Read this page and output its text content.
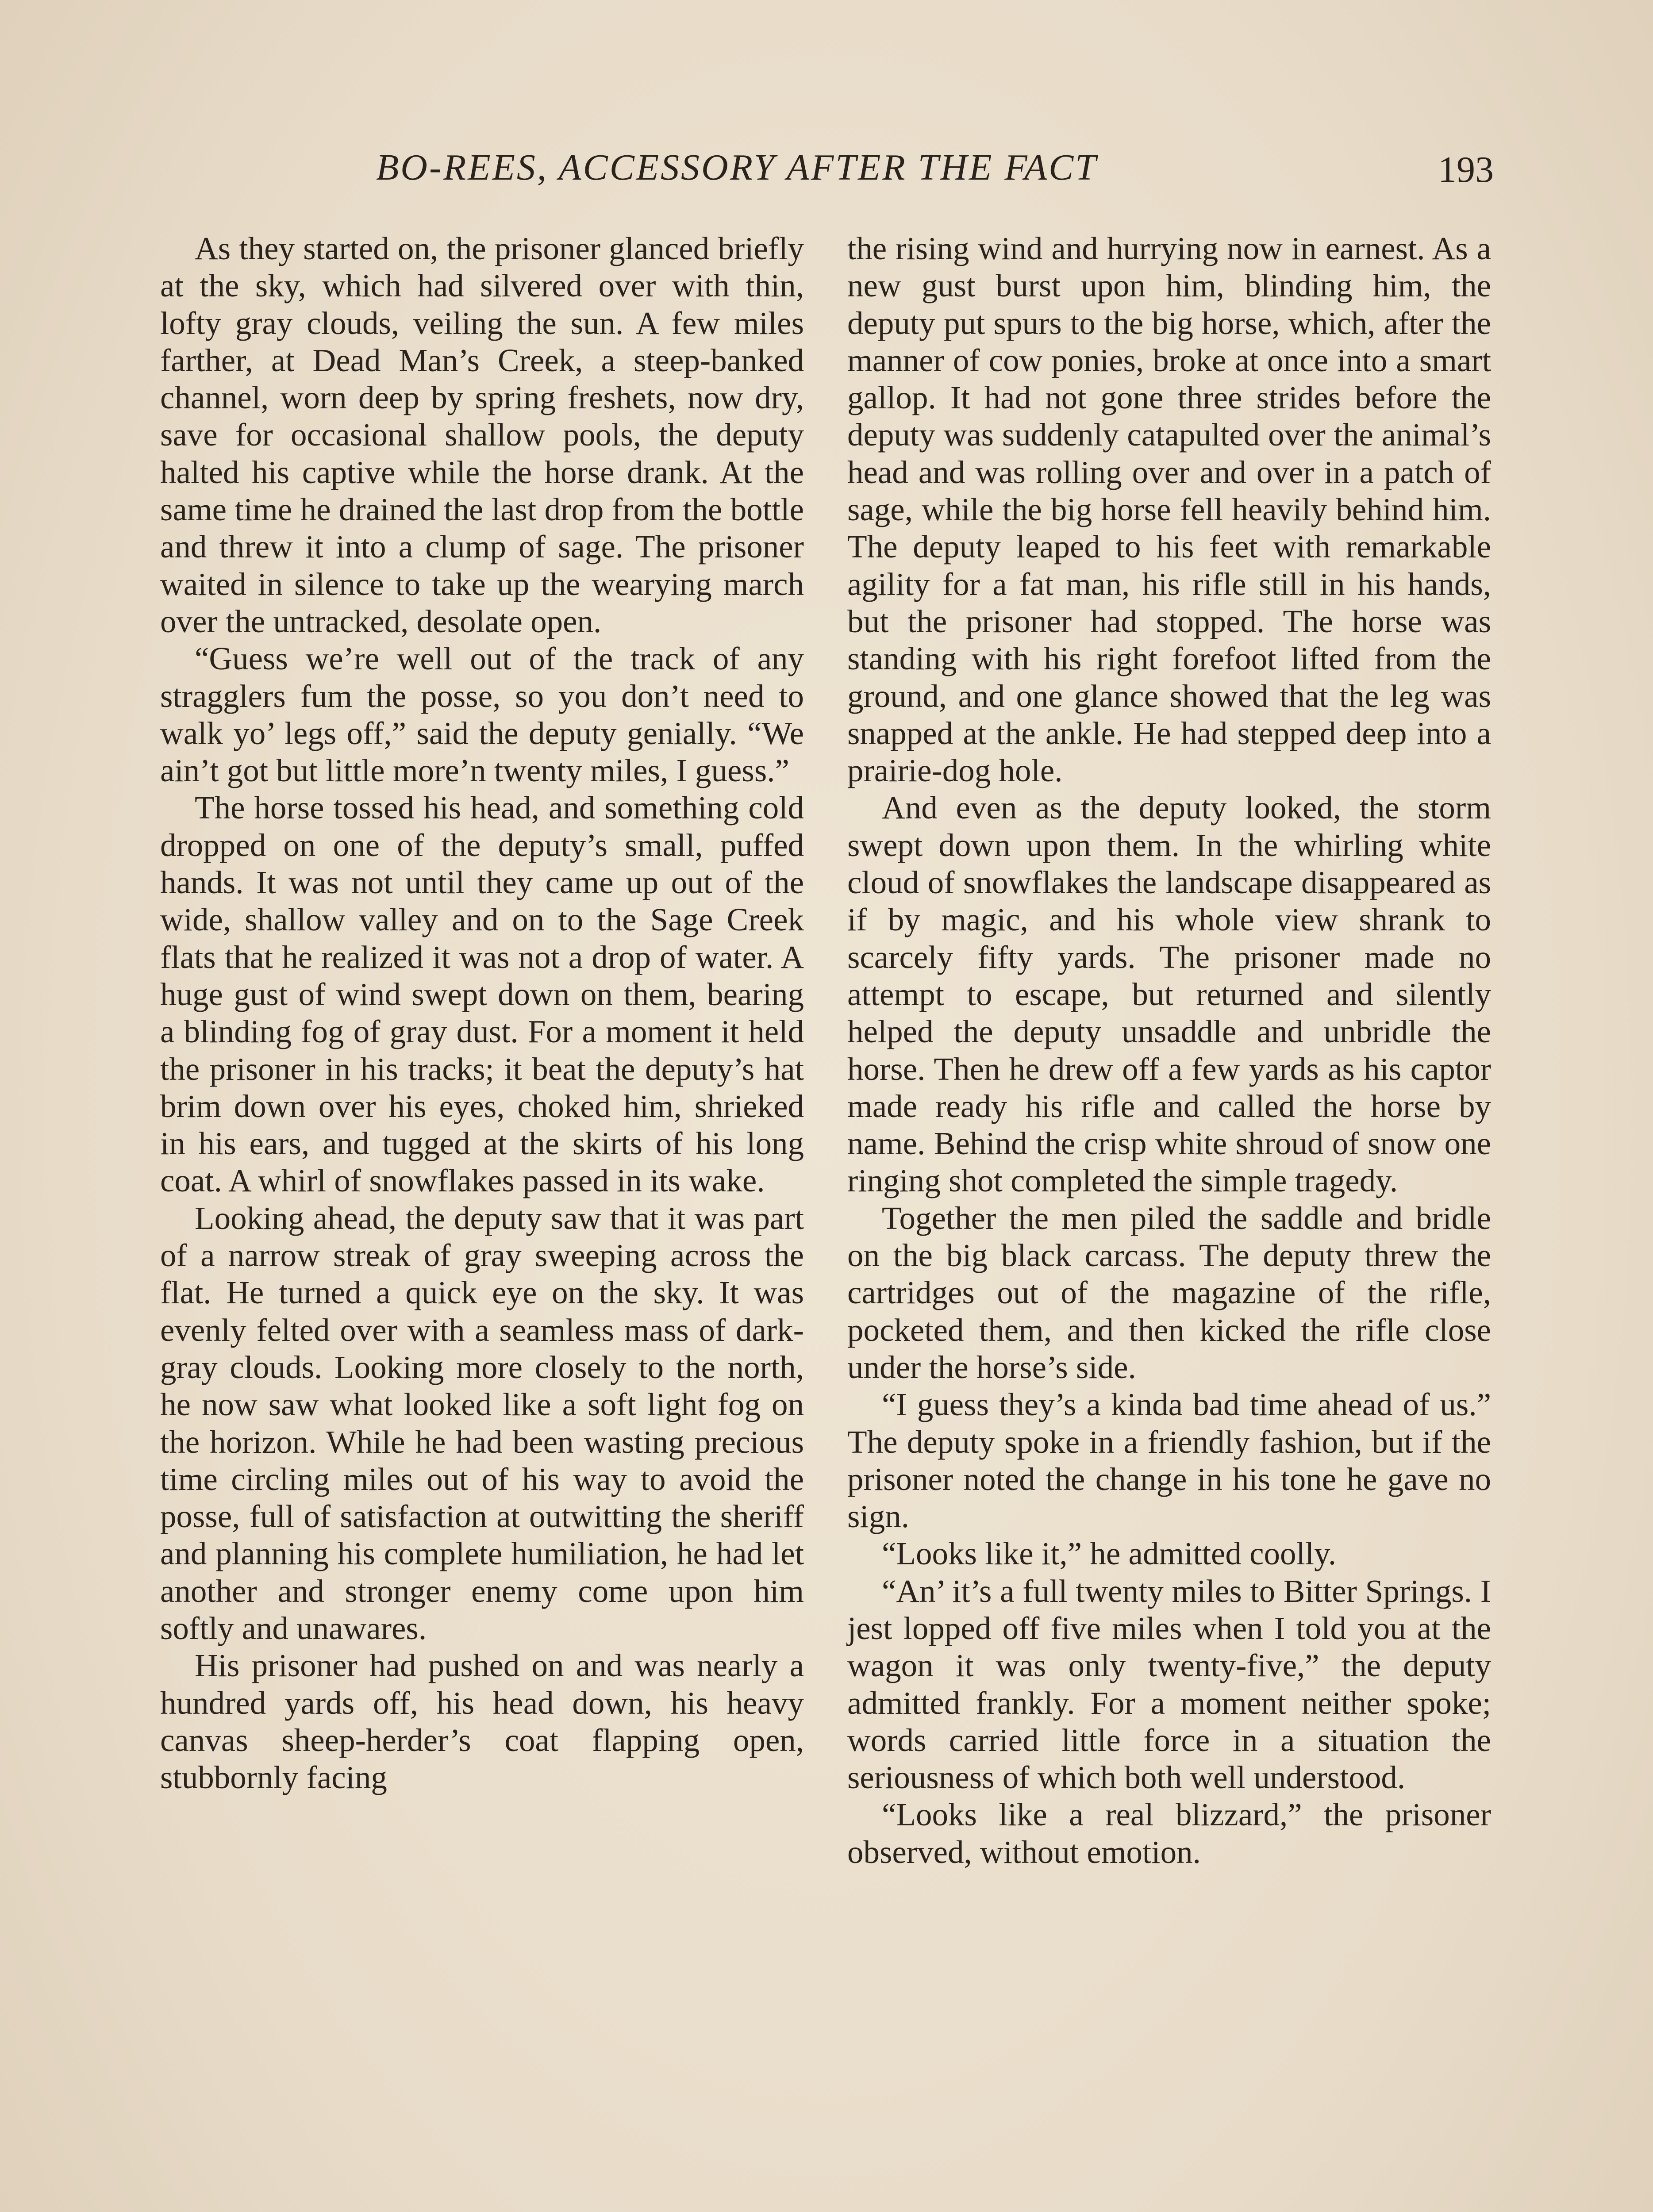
BO-REES, ACCESSORY AFTER THE FACT	193

As they started on, the prisoner glanced briefly at the sky, which had silvered over with thin, lofty gray clouds, veiling the sun. A few miles farther, at Dead Man’s Creek, a steep-banked channel, worn deep by spring freshets, now dry, save for occasional shallow pools, the deputy halted his captive while the horse drank. At the same time he drained the last drop from the bottle and threw it into a clump of sage. The prisoner waited in silence to take up the wearying march over the untracked, desolate open.

“Guess we’re well out of the track of any stragglers fum the posse, so you don’t need to walk yo’ legs off,” said the deputy genially. “We ain’t got but little more’n twenty miles, I guess.”

The horse tossed his head, and something cold dropped on one of the deputy’s small, puffed hands. It was not until they came up out of the wide, shallow valley and on to the Sage Creek flats that he realized it was not a drop of water. A huge gust of wind swept down on them, bearing a blinding fog of gray dust. For a moment it held the prisoner in his tracks; it beat the deputy’s hat brim down over his eyes, choked him, shrieked in his ears, and tugged at the skirts of his long coat. A whirl of snowflakes passed in its wake.

Looking ahead, the deputy saw that it was part of a narrow streak of gray sweeping across the flat. He turned a quick eye on the sky. It was evenly felted over with a seamless mass of dark-gray clouds. Looking more closely to the north, he now saw what looked like a soft light fog on the horizon. While he had been wasting precious time circling miles out of his way to avoid the posse, full of satisfaction at outwitting the sheriff and planning his complete humiliation, he had let another and stronger enemy come upon him softly and unawares.

His prisoner had pushed on and was nearly a hundred yards off, his head down, his heavy canvas sheep-herder’s coat flapping open, stubbornly facing

the rising wind and hurrying now in earnest. As a new gust burst upon him, blinding him, the deputy put spurs to the big horse, which, after the manner of cow ponies, broke at once into a smart gallop. It had not gone three strides before the deputy was suddenly catapulted over the animal’s head and was rolling over and over in a patch of sage, while the big horse fell heavily behind him. The deputy leaped to his feet with remarkable agility for a fat man, his rifle still in his hands, but the prisoner had stopped. The horse was standing with his right forefoot lifted from the ground, and one glance showed that the leg was snapped at the ankle. He had stepped deep into a prairie-dog hole.

And even as the deputy looked, the storm swept down upon them. In the whirling white cloud of snowflakes the landscape disappeared as if by magic, and his whole view shrank to scarcely fifty yards. The prisoner made no attempt to escape, but returned and silently helped the deputy unsaddle and unbridle the horse. Then he drew off a few yards as his captor made ready his rifle and called the horse by name. Behind the crisp white shroud of snow one ringing shot completed the simple tragedy.

Together the men piled the saddle and bridle on the big black carcass. The deputy threw the cartridges out of the magazine of the rifle, pocketed them, and then kicked the rifle close under the horse’s side.

“I guess they’s a kinda bad time ahead of us.” The deputy spoke in a friendly fashion, but if the prisoner noted the change in his tone he gave no sign.

“Looks like it,” he admitted coolly.

“An’ it’s a full twenty miles to Bitter Springs. I jest lopped off five miles when I told you at the wagon it was only twenty-five,” the deputy admitted frankly. For a moment neither spoke; words carried little force in a situation the seriousness of which both well understood.

“Looks like a real blizzard,” the prisoner observed, without emotion.
